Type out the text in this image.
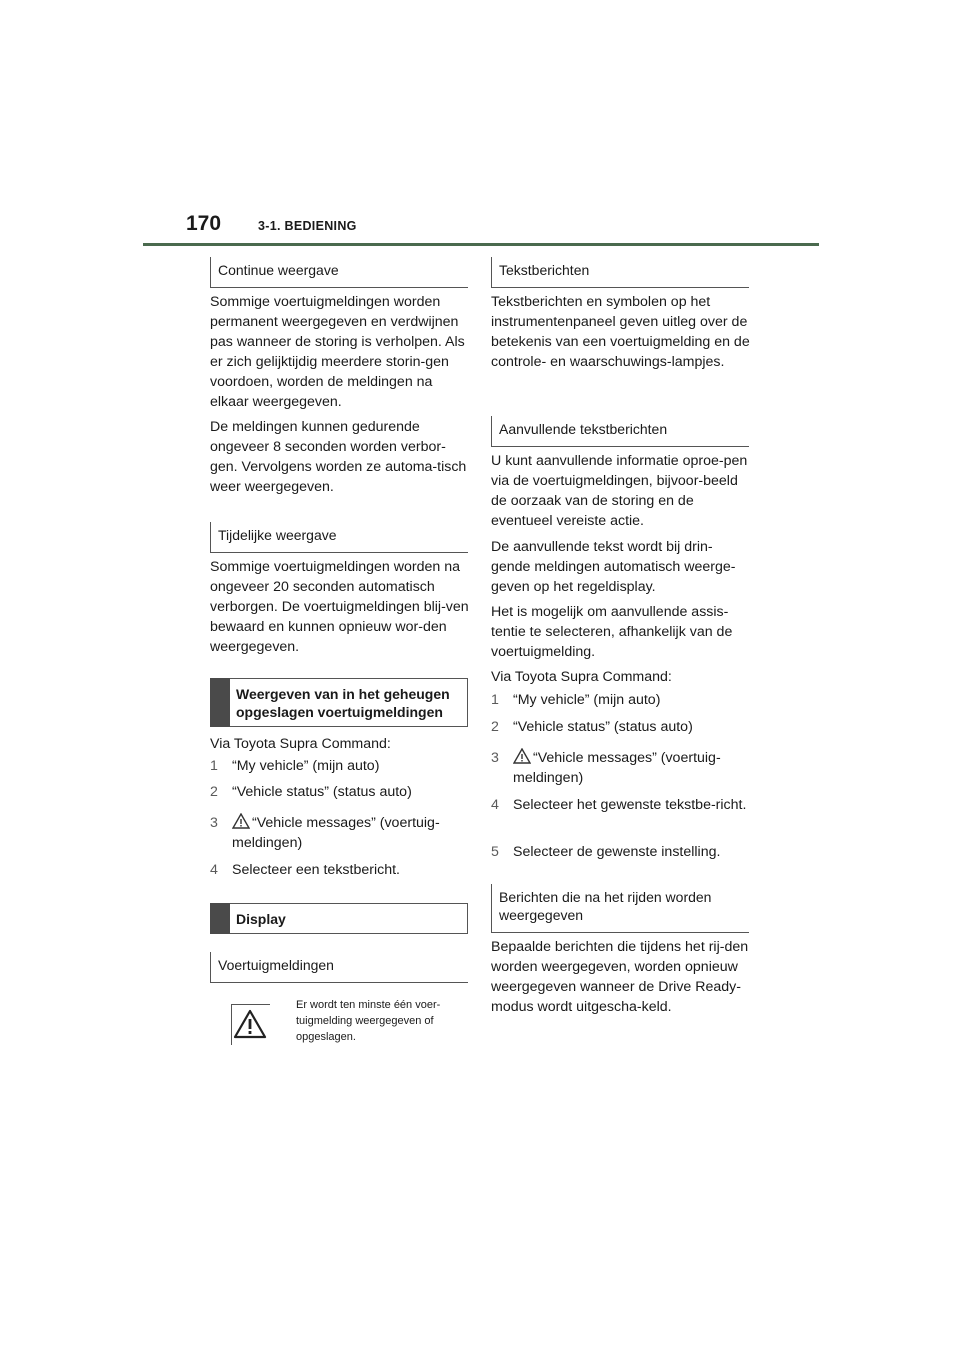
170	3-1. BEDIENING
Continue weergave
Sommige voertuigmeldingen worden permanent weergegeven en verdwijnen pas wanneer de storing is verholpen. Als er zich gelijktijdig meerdere storin-gen voordoen, worden de meldingen na elkaar weergegeven.
De meldingen kunnen gedurende ongeveer 8 seconden worden verbor-gen. Vervolgens worden ze automa-tisch weer weergegeven.
Tijdelijke weergave
Sommige voertuigmeldingen worden na ongeveer 20 seconden automatisch verborgen. De voertuigmeldingen blij-ven bewaard en kunnen opnieuw wor-den weergegeven.
Weergeven van in het geheugen opgeslagen voertuigmeldingen
Via Toyota Supra Command:
1 “My vehicle” (mijn auto)
2 “Vehicle status” (status auto)
3	“Vehicle messages” (voertuig-meldingen)
4 Selecteer een tekstbericht.
Display
Voertuigmeldingen
Er wordt ten minste één voer-tuigmelding weergegeven of opgeslagen.
Tekstberichten
Tekstberichten en symbolen op het instrumentenpaneel geven uitleg over de betekenis van een voertuigmelding en de controle- en waarschuwings-lampjes.
Aanvullende tekstberichten
U kunt aanvullende informatie oproe-pen via de voertuigmeldingen, bijvoor-beeld de oorzaak van de storing en de eventueel vereiste actie.
De aanvullende tekst wordt bij drin-gende meldingen automatisch weerge-geven op het regeldisplay.
Het is mogelijk om aanvullende assis-tentie te selecteren, afhankelijk van de voertuigmelding.
Via Toyota Supra Command:
1 “My vehicle” (mijn auto)
2 “Vehicle status” (status auto)
3	“Vehicle messages” (voertuig-meldingen)
4 Selecteer het gewenste tekstbe-richt.
5 Selecteer de gewenste instelling.
Berichten die na het rijden worden weergegeven
Bepaalde berichten die tijdens het rij-den worden weergegeven, worden opnieuw weergegeven wanneer de Drive Ready-modus wordt uitgescha-keld.
